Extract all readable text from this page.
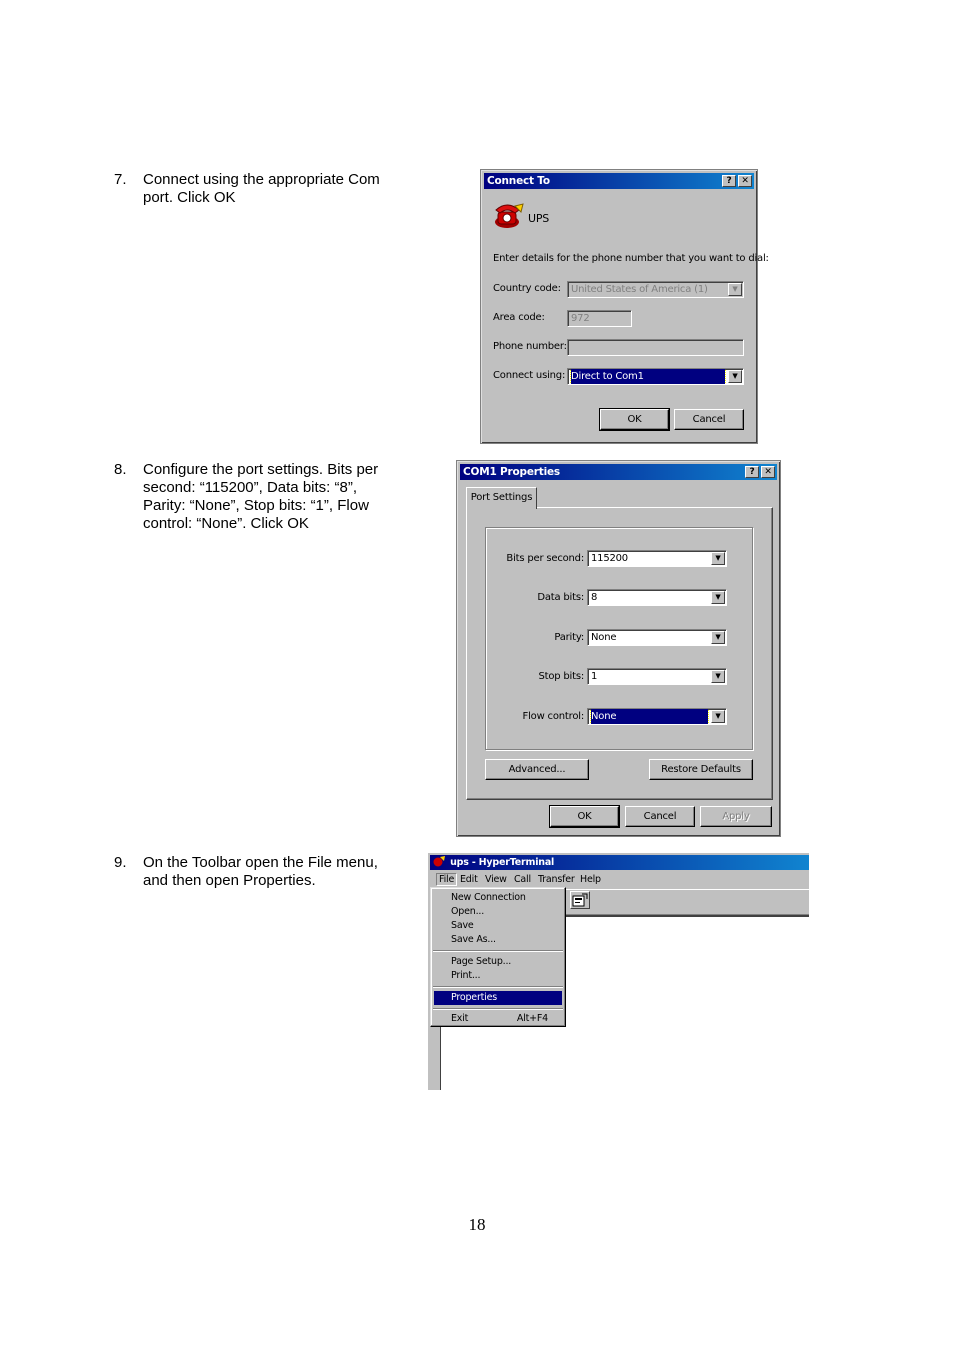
7. Connect using the appropriate Com
port. Click OK
8. Configure the port settings. Bits per
second: “115200”, Data bits: “8”,
Parity: “None”, Stop bits: “1”, Flow
control: “None”. Click OK
9. On the Toolbar open the File menu,
and then open Properties.
Connect To	?	✕
UPS
Enter details for the phone number that you want to dial:
Country code:	United States of America (1)	▼
Area code:	972
Phone number:
Connect using: Direct to Com1	▼
OK	Cancel
COM1 Properties	?	✕
Port Settings
Bits per second: 115200	▼
Data bits: 8	▼
Parity: None	▼
Stop bits: 1	▼
Flow control: None	▼
Advanced...	Restore Defaults
OK	Cancel	Apply
ups - HyperTerminal
File Edit View Call Transfer Help
New Connection
Open...
Save
Save As...
Page Setup...
Print...
Properties
Exit	Alt+F4
18
